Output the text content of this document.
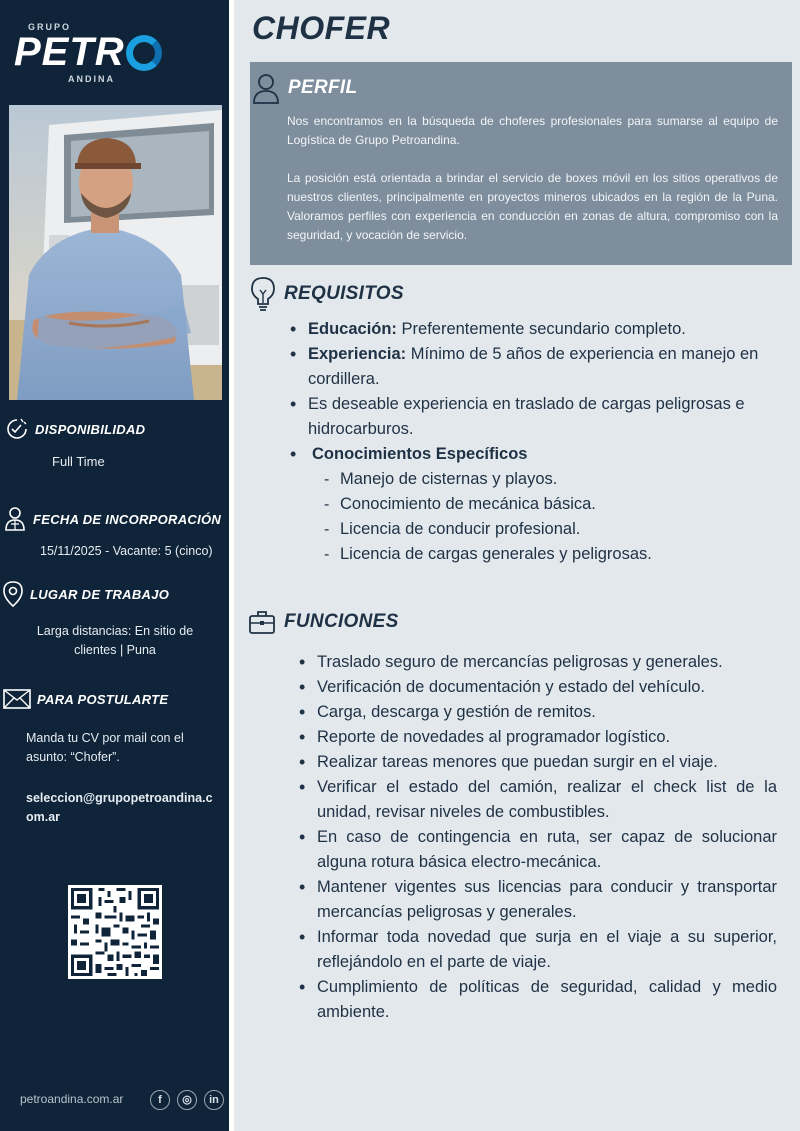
GRUPO
PETR
ANDINA
DISPONIBILIDAD
Full Time
FECHA DE INCORPORACIÓN
15/11/2025 - Vacante: 5 (cinco)
LUGAR DE TRABAJO
Larga distancias: En sitio de clientes | Puna
PARA POSTULARTE
Manda tu CV por mail con el asunto: “Chofer”.
seleccion@grupopetroandina.com.ar
petroandina.com.ar	f	◎	in
CHOFER
PERFIL

Nos encontramos en la búsqueda de choferes profesionales para sumarse al equipo de Logística de Grupo Petroandina.

La posición está orientada a brindar el servicio de boxes móvil en los sitios operativos de nuestros clientes, principalmente en proyectos mineros ubicados en la región de la Puna. Valoramos perfiles con experiencia en conducción en zonas de altura, compromiso con la seguridad, y vocación de servicio.

REQUISITOS
• Educación: Preferentemente secundario completo.
• Experiencia: Mínimo de 5 años de experiencia en manejo en cordillera.
• Es deseable experiencia en traslado de cargas peligrosas e hidrocarburos.
• Conocimientos Específicos
- Manejo de cisternas y playos.
- Conocimiento de mecánica básica.
- Licencia de conducir profesional.
- Licencia de cargas generales y peligrosas.
FUNCIONES
• Traslado seguro de mercancías peligrosas y generales.
• Verificación de documentación y estado del vehículo.
• Carga, descarga y gestión de remitos.
• Reporte de novedades al programador logístico.
• Realizar tareas menores que puedan surgir en el viaje.
• Verificar el estado del camión, realizar el check list de la unidad, revisar niveles de combustibles.
• En caso de contingencia en ruta, ser capaz de solucionar alguna rotura básica electro-mecánica.
• Mantener vigentes sus licencias para conducir y transportar mercancías peligrosas y generales.
• Informar toda novedad que surja en el viaje a su superior, reflejándolo en el parte de viaje.
• Cumplimiento de políticas de seguridad, calidad y medio ambiente.
